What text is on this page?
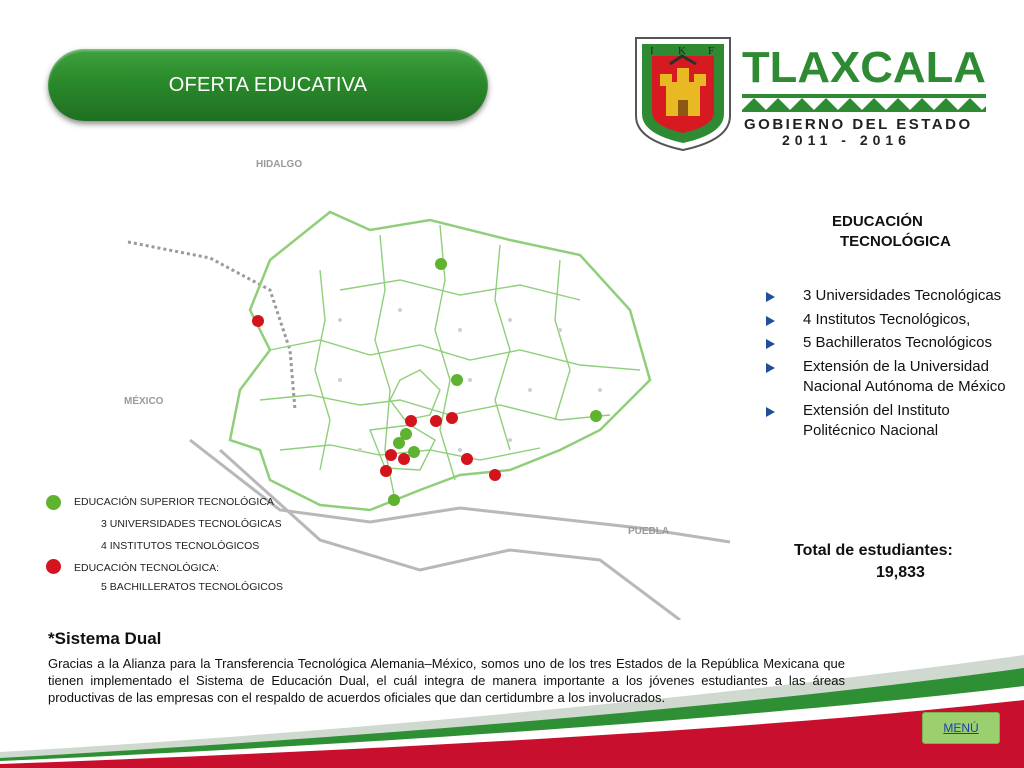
OFERTA EDUCATIVA
I K F TLAXCALA
GOBIERNO DEL ESTADO
2011 - 2016
HIDALGO
MÉXICO
PUEBLA
EDUCACIÓN SUPERIOR TECNOLÓGICA
3 UNIVERSIDADES TECNOLÓGICAS
4 INSTITUTOS TECNOLÓGICOS
EDUCACIÓN TECNOLÓGICA:
5 BACHILLERATOS TECNOLÓGICOS
EDUCACIÓN
TECNOLÓGICA
3 Universidades Tecnológicas
4 Institutos Tecnológicos,
5 Bachilleratos Tecnológicos
Extensión de la Universidad Nacional Autónoma de México
Extensión del Instituto Politécnico Nacional
Total de estudiantes:
19,833
*Sistema Dual
Gracias a la Alianza para la Transferencia Tecnológica Alemania–México, somos uno de los tres Estados de la República Mexicana que tienen implementado el Sistema de Educación Dual, el cuál integra de manera importante a los jóvenes estudiantes a las áreas productivas de las empresas con el respaldo de acuerdos oficiales que dan certidumbre a los involucrados.
MENÚ
